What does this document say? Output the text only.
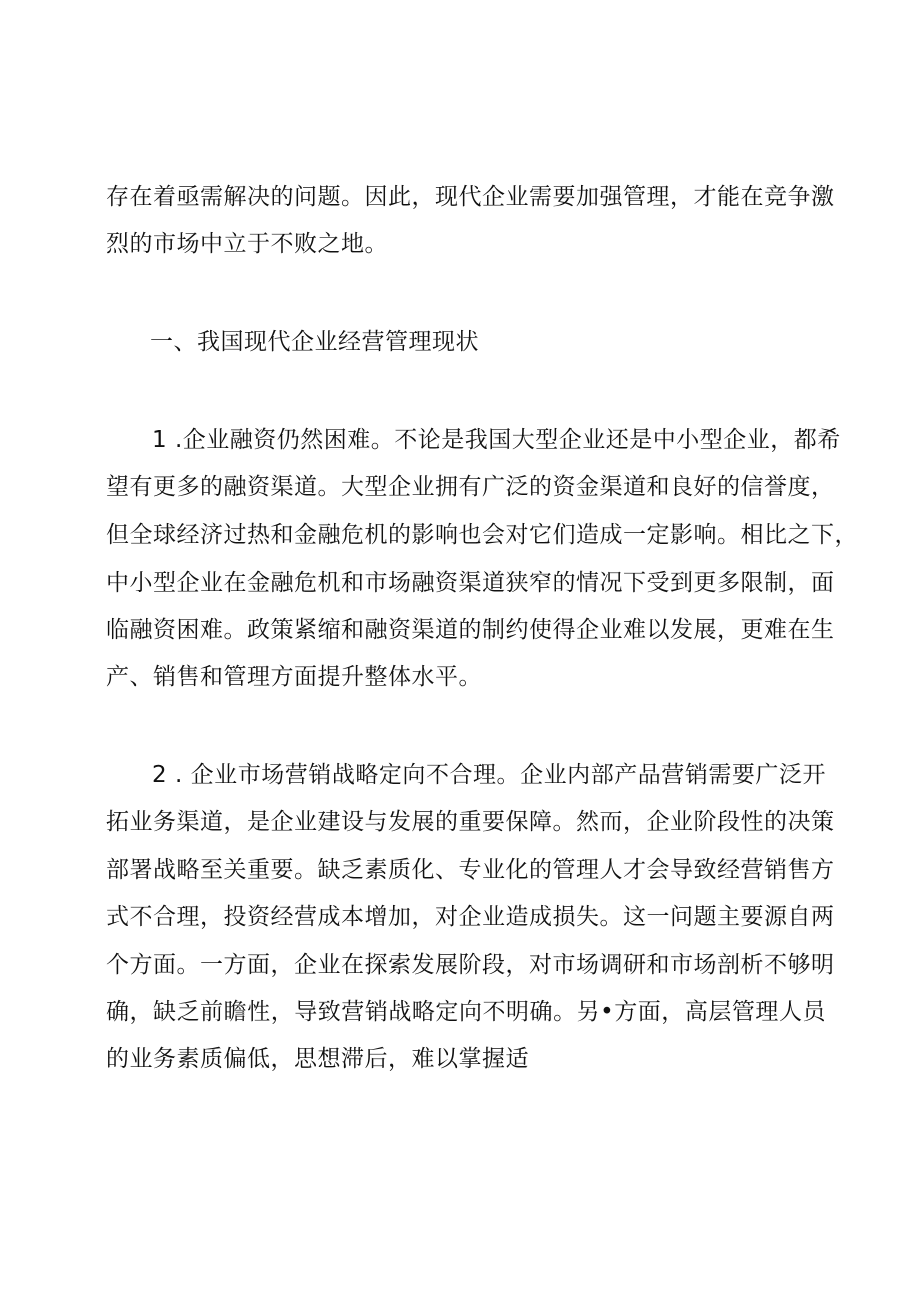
存在着亟需解决的问题。因此，现代企业需要加强管理，才能在竞争激
烈的市场中立于不败之地。
一、我国现代企业经营管理现状
1 .企业融资仍然困难。不论是我国大型企业还是中小型企业，都希
望有更多的融资渠道。大型企业拥有广泛的资金渠道和良好的信誉度，
但全球经济过热和金融危机的影响也会对它们造成一定影响。相比之下，
中小型企业在金融危机和市场融资渠道狭窄的情况下受到更多限制，面
临融资困难。政策紧缩和融资渠道的制约使得企业难以发展，更难在生
产、销售和管理方面提升整体水平。
2 . 企业市场营销战略定向不合理。企业内部产品营销需要广泛开
拓业务渠道，是企业建设与发展的重要保障。然而，企业阶段性的决策
部署战略至关重要。缺乏素质化、专业化的管理人才会导致经营销售方
式不合理，投资经营成本增加，对企业造成损失。这一问题主要源自两
个方面。一方面，企业在探索发展阶段，对市场调研和市场剖析不够明
确，缺乏前瞻性，导致营销战略定向不明确。另•方面，高层管理人员
的业务素质偏低，思想滞后，难以掌握适
